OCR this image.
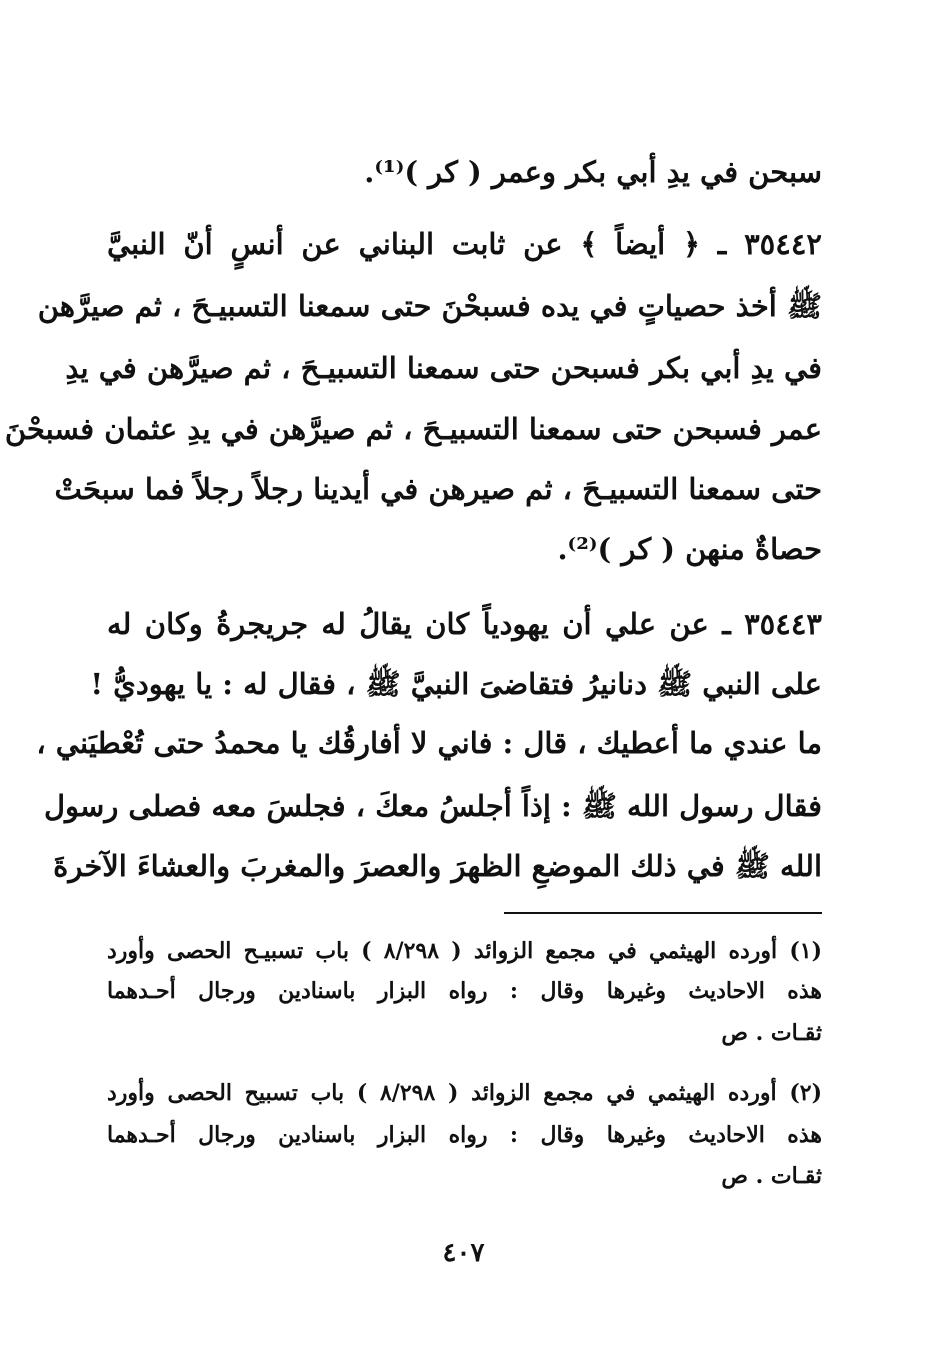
سبحن في يدِ أبي بكر وعمر ( كر )⁽¹⁾.
٣٥٤٤٢ ـ ﴿ أيضاً ﴾ عن ثابت البناني عن أنسٍ أنّ النبيَّ
ﷺ أخذ حصياتٍ في يده فسبحْنَ حتى سمعنا التسبيـحَ ، ثم صيرَّهن
في يدِ أبي بكر فسبحن حتى سمعنا التسبيـحَ ، ثم صيرَّهن في يدِ
عمر فسبحن حتى سمعنا التسبيـحَ ، ثم صيرَّهن في يدِ عثمان فسبحْنَ
حتى سمعنا التسبيـحَ ، ثم صيرهن في أيدينا رجلاً رجلاً فما سبحَتْ
حصاةٌ منهن ( كر )⁽²⁾.
٣٥٤٤٣ ـ عن علي أن يهودياً كان يقالُ له جريجرةُ وكان له
على النبي ﷺ دنانيرُ فتقاضىَ النبيَّ ﷺ ، فقال له : يا يهوديُّ !
ما عندي ما أعطيك ، قال : فاني لا أفارقُك يا محمدُ حتى تُعْطيَني ،
فقال رسول الله ﷺ : إذاً أجلسُ معكَ ، فجلسَ معه فصلى رسول
الله ﷺ في ذلك الموضعِ الظهرَ والعصرَ والمغربَ والعشاءَ الآخرةَ
(١) أورده الهيثمي في مجمع الزوائد ( ٨/٢٩٨ ) باب تسبيـح الحصى وأورد
هذه الاحاديث وغيرها وقال : رواه البزار باسنادين ورجال أحـدهما
ثقـات . ص
(٢) أورده الهيثمي في مجمع الزوائد ( ٨/٢٩٨ ) باب تسبيح الحصى وأورد
هذه الاحاديث وغيرها وقال : رواه البزار باسنادين ورجال أحـدهما
ثقـات . ص
٤٠٧
